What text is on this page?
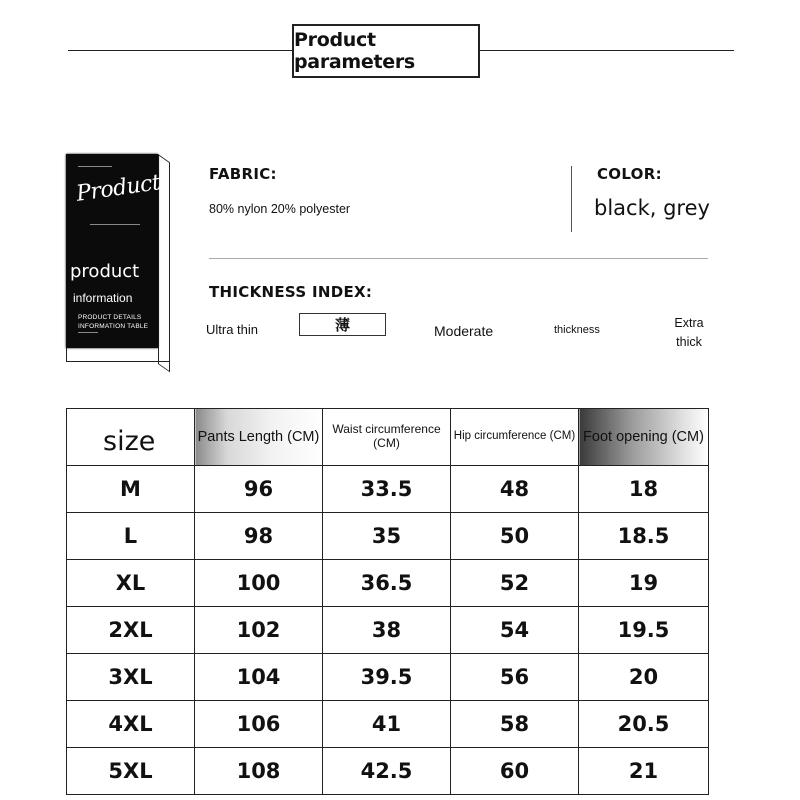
Product parameters
Product
product
information
PRODUCT DETAILS
INFORMATION TABLE
FABRIC:
80% nylon 20% polyester
COLOR:
black, grey
THICKNESS INDEX:
Ultra thin	薄	Moderate	thickness	Extra thick
size	Pants Length (CM)	Waist circumference (CM)	Hip circumference (CM)	Foot opening (CM)
M	96	33.5	48	18
L	98	35	50	18.5
XL	100	36.5	52	19
2XL	102	38	54	19.5
3XL	104	39.5	56	20
4XL	106	41	58	20.5
5XL	108	42.5	60	21
